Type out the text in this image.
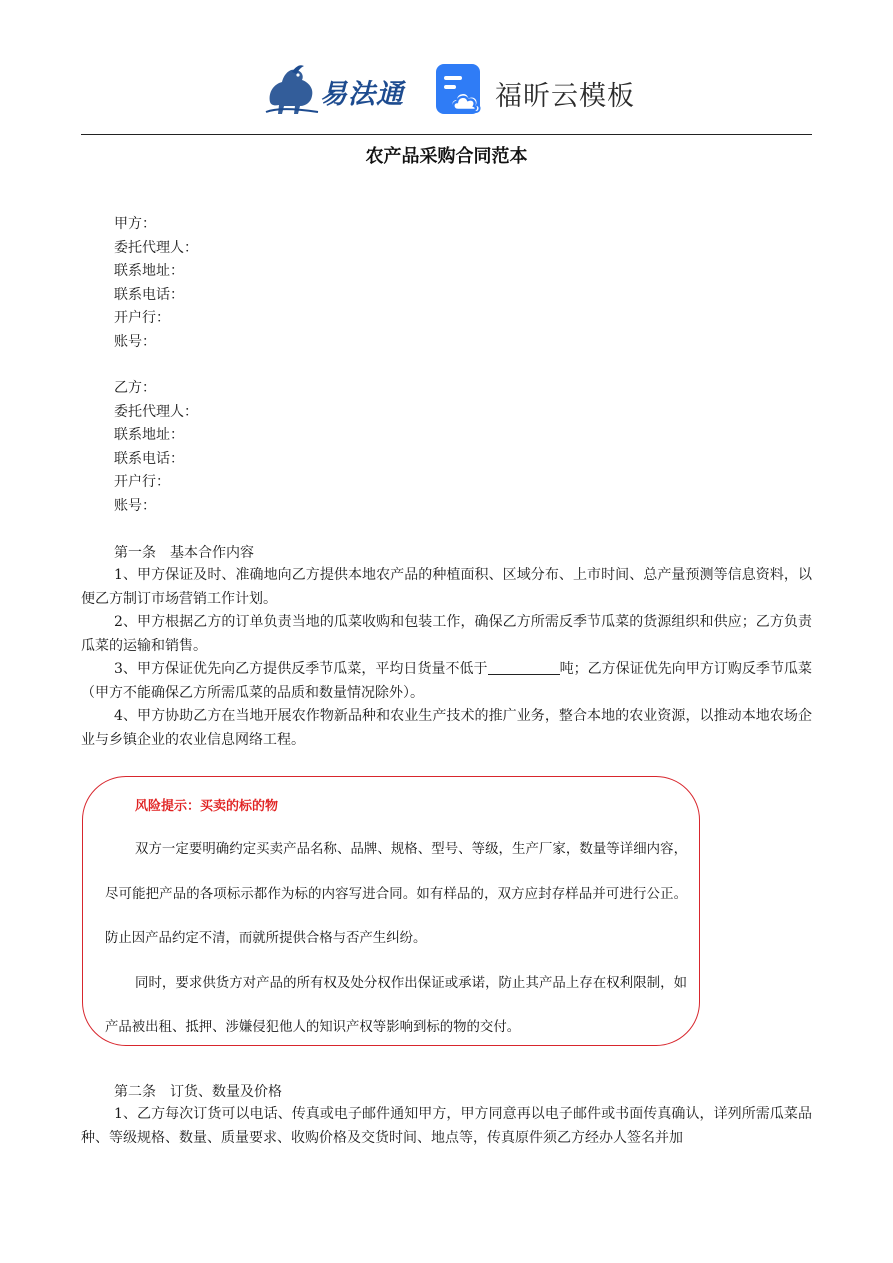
易法通	福昕云模板
农产品采购合同范本
甲方：
委托代理人：
联系地址：
联系电话：
开户行：
账号：
乙方：
委托代理人：
联系地址：
联系电话：
开户行：
账号：
第一条　基本合作内容

1、甲方保证及时、准确地向乙方提供本地农产品的种植面积、区域分布、上市时间、总产量预测等信息资料，以便乙方制订市场营销工作计划。

2、甲方根据乙方的订单负责当地的瓜菜收购和包装工作，确保乙方所需反季节瓜菜的货源组织和供应；乙方负责瓜菜的运输和销售。

3、甲方保证优先向乙方提供反季节瓜菜，平均日货量不低于	吨；乙方保证优先向甲方订购反季节瓜菜（甲方不能确保乙方所需瓜菜的品质和数量情况除外）。

4、甲方协助乙方在当地开展农作物新品种和农业生产技术的推广业务，整合本地的农业资源，以推动本地农场企业与乡镇企业的农业信息网络工程。

风险提示：买卖的标的物

双方一定要明确约定买卖产品名称、品牌、规格、型号、等级，生产厂家，数量等详细内容，尽可能把产品的各项标示都作为标的内容写进合同。如有样品的，双方应封存样品并可进行公正。防止因产品约定不清，而就所提供合格与否产生纠纷。

同时，要求供货方对产品的所有权及处分权作出保证或承诺，防止其产品上存在权利限制，如产品被出租、抵押、涉嫌侵犯他人的知识产权等影响到标的物的交付。

第二条　订货、数量及价格

1、乙方每次订货可以电话、传真或电子邮件通知甲方，甲方同意再以电子邮件或书面传真确认，详列所需瓜菜品种、等级规格、数量、质量要求、收购价格及交货时间、地点等，传真原件须乙方经办人签名并加
